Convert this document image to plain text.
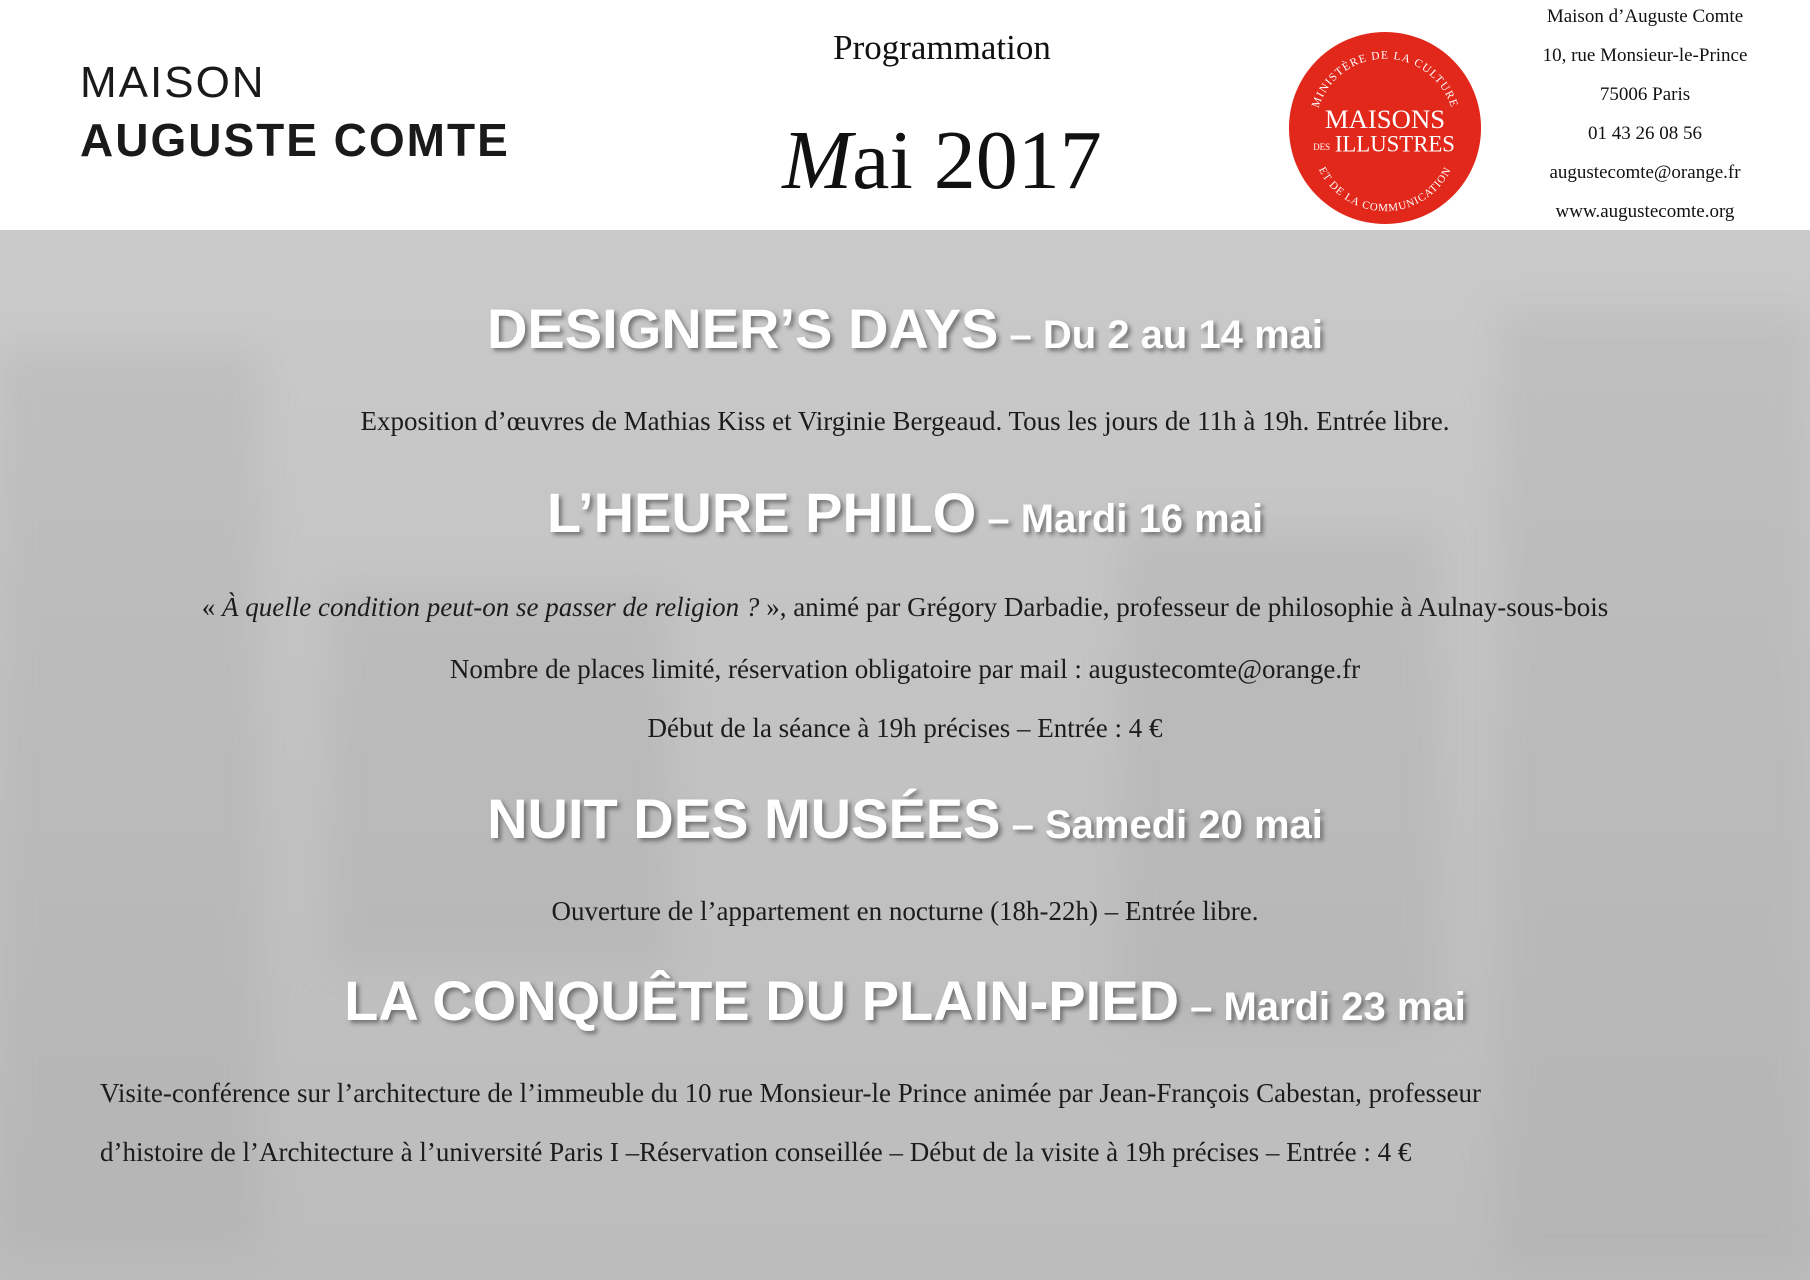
MAISON
AUGUSTE COMTE
Programmation
Mai 2017
MINISTÈRE DE LA CULTURE
ET DE LA COMMUNICATION
MAISONS
DES ILLUSTRES
Maison d’Auguste Comte
10, rue Monsieur-le-Prince
75006 Paris
01 43 26 08 56
augustecomte@orange.fr
www.augustecomte.org
DESIGNER’S DAYS – Du 2 au 14 mai
Exposition d’œuvres de Mathias Kiss et Virginie Bergeaud. Tous les jours de 11h à 19h. Entrée libre.
L’HEURE PHILO – Mardi 16 mai
« À quelle condition peut-on se passer de religion ? », animé par Grégory Darbadie, professeur de philosophie à Aulnay-sous-bois
Nombre de places limité, réservation obligatoire par mail : augustecomte@orange.fr
Début de la séance à 19h précises – Entrée : 4 €
NUIT DES MUSÉES – Samedi 20 mai
Ouverture de l’appartement en nocturne (18h-22h) – Entrée libre.
LA CONQUÊTE DU PLAIN-PIED – Mardi 23 mai
Visite-conférence sur l’architecture de l’immeuble du 10 rue Monsieur-le Prince animée par Jean-François Cabestan, professeur
d’histoire de l’Architecture à l’université Paris I –Réservation conseillée – Début de la visite à 19h précises – Entrée : 4 €
